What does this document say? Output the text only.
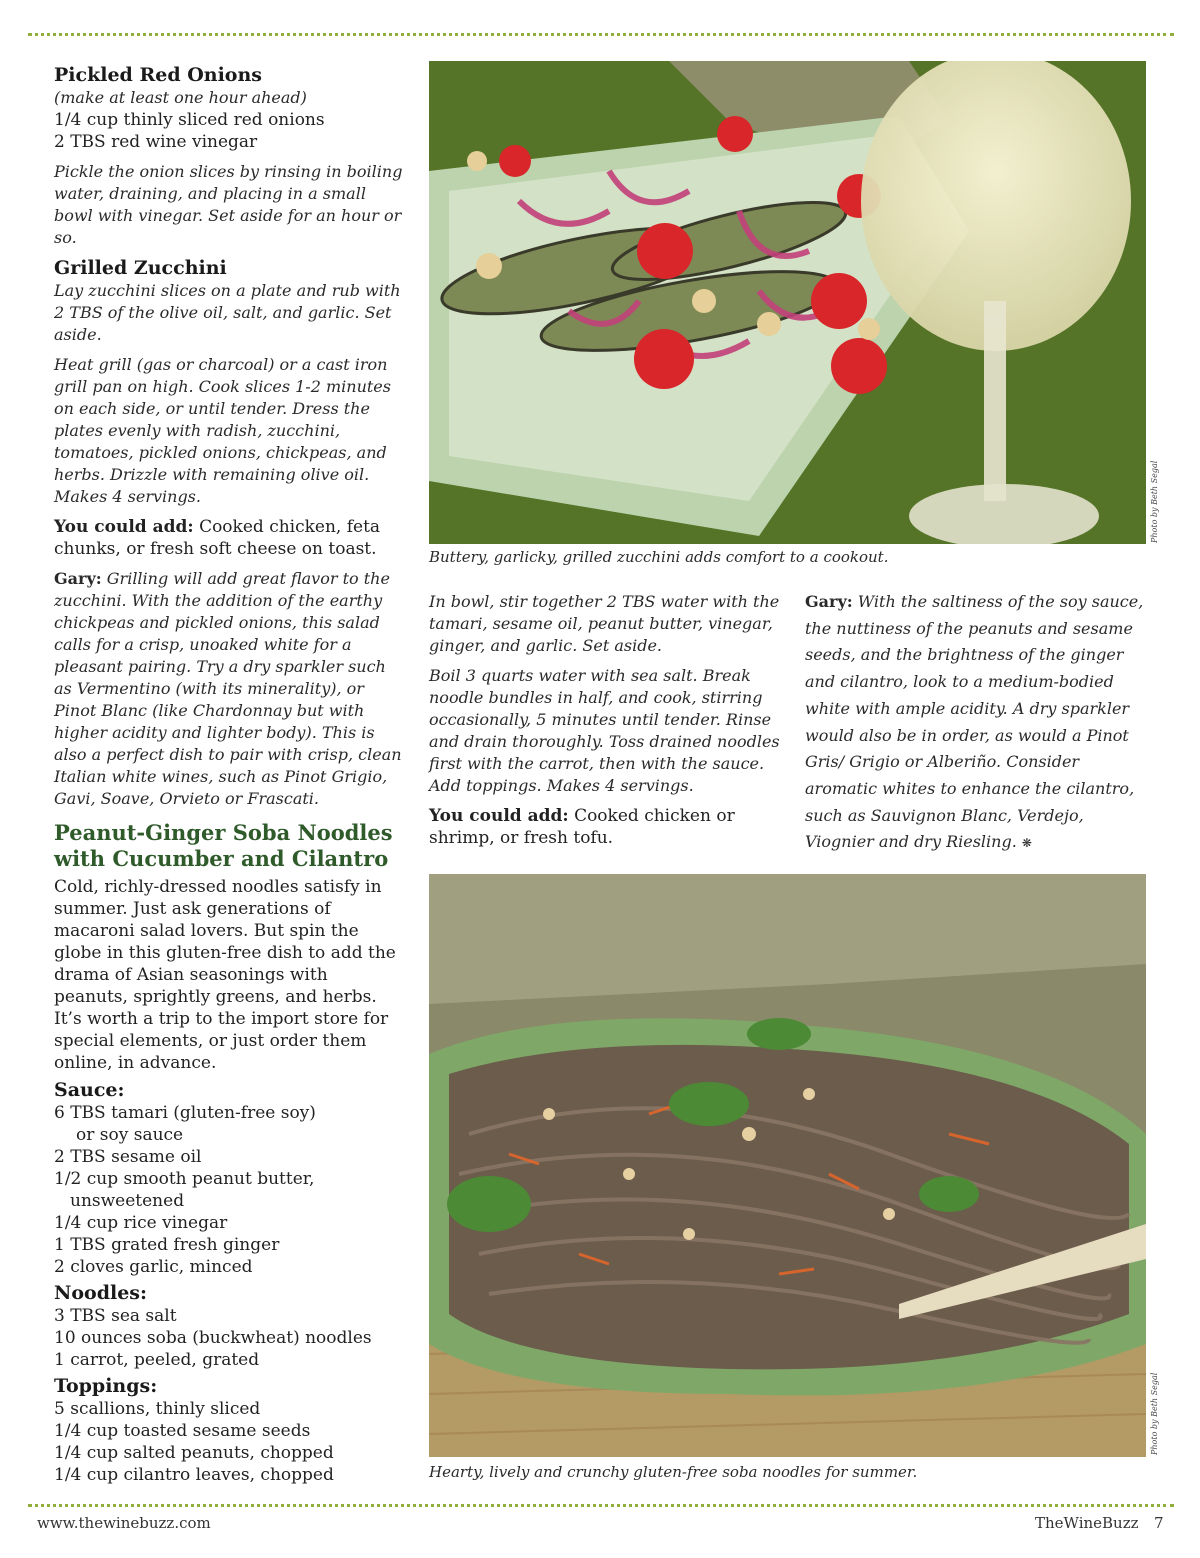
Pickled Red Onions

(make at least one hour ahead)

1/4 cup thinly sliced red onions

2 TBS red wine vinegar

Pickle the onion slices by rinsing in boiling water, draining, and placing in a small bowl with vinegar. Set aside for an hour or so.

Grilled Zucchini

Lay zucchini slices on a plate and rub with 2 TBS of the olive oil, salt, and garlic. Set aside.

Heat grill (gas or charcoal) or a cast iron grill pan on high. Cook slices 1-2 minutes on each side, or until tender. Dress the plates evenly with radish, zucchini, tomatoes, pickled onions, chickpeas, and herbs. Drizzle with remaining olive oil. Makes 4 servings.

You could add: Cooked chicken, feta chunks, or fresh soft cheese on toast.

Gary: Grilling will add great flavor to the zucchini. With the addition of the earthy chickpeas and pickled onions, this salad calls for a crisp, unoaked white for a pleasant pairing. Try a dry sparkler such as Vermentino (with its minerality), or Pinot Blanc (like Chardonnay but with higher acidity and lighter body). This is also a perfect dish to pair with crisp, clean Italian white wines, such as Pinot Grigio, Gavi, Soave, Orvieto or Frascati.

Peanut-Ginger Soba Noodles
with Cucumber and Cilantro

Cold, richly-dressed noodles satisfy in summer. Just ask generations of macaroni salad lovers. But spin the globe in this gluten-free dish to add the drama of Asian seasonings with peanuts, sprightly greens, and herbs. It’s worth a trip to the import store for special elements, or just order them online, in advance.

Sauce:

6 TBS tamari (gluten-free soy)

or soy sauce

2 TBS sesame oil

1/2 cup smooth peanut butter,

unsweetened

1/4 cup rice vinegar

1 TBS grated fresh ginger

2 cloves garlic, minced

Noodles:

3 TBS sea salt

10 ounces soba (buckwheat) noodles

1 carrot, peeled, grated

Toppings:

5 scallions, thinly sliced

1/4 cup toasted sesame seeds

1/4 cup salted peanuts, chopped

1/4 cup cilantro leaves, chopped

Photo by Beth Segal
Buttery, garlicky, grilled zucchini adds comfort to a cookout.

In bowl, stir together 2 TBS water with the tamari, sesame oil, peanut butter, vinegar, ginger, and garlic. Set aside.

Boil 3 quarts water with sea salt. Break noodle bundles in half, and cook, stirring occasionally, 5 minutes until tender. Rinse and drain thoroughly. Toss drained noodles first with the carrot, then with the sauce. Add toppings. Makes 4 servings.

You could add: Cooked chicken or shrimp, or fresh tofu.

Gary: With the saltiness of the soy sauce, the nuttiness of the peanuts and sesame seeds, and the brightness of the ginger and cilantro, look to a medium-bodied white with ample acidity. A dry sparkler would also be in order, as would a Pinot Gris/ Grigio or Alberiño. Consider aromatic whites to enhance the cilantro, such as Sauvignon Blanc, Verdejo, Viognier and dry Riesling. ❋

Photo by Beth Segal
Hearty, lively and crunchy gluten-free soba noodles for summer.
www.thewinebuzz.com	TheWineBuzz 7
